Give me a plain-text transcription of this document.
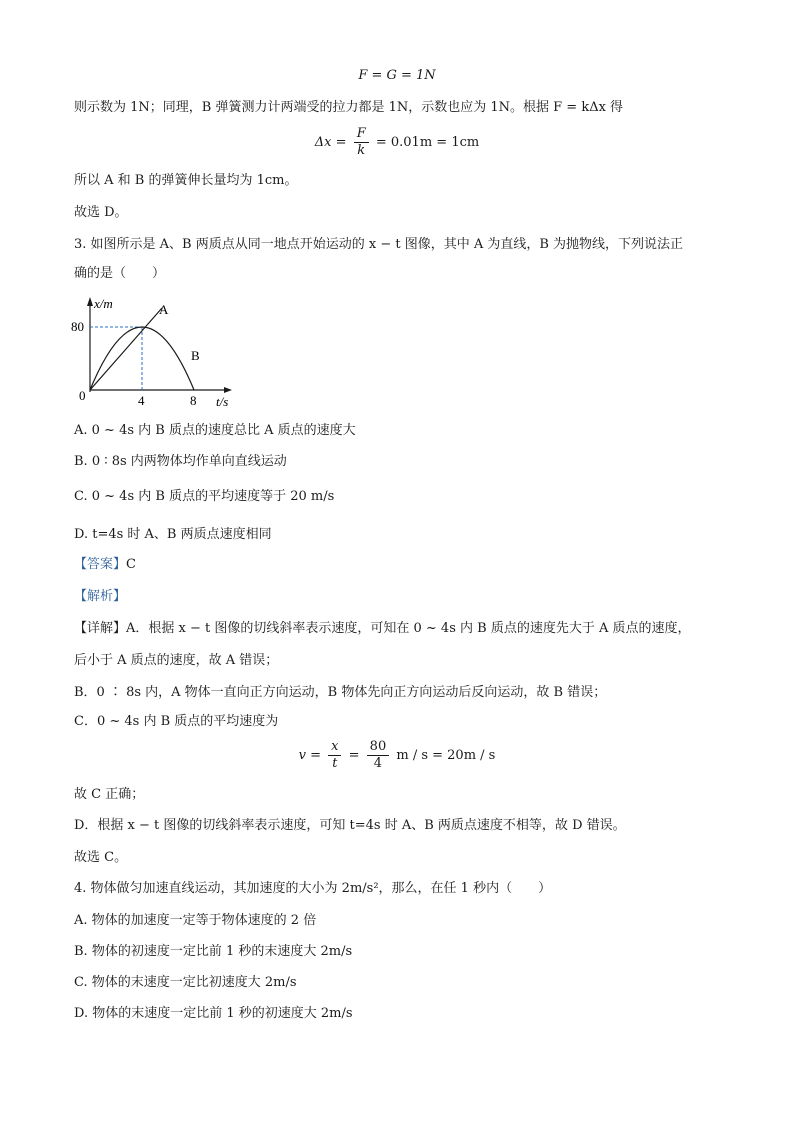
F = G = 1N
则示数为 1N；同理，B 弹簧测力计两端受的拉力都是 1N，示数也应为 1N。根据 F = kΔx 得
$\Delta x = \frac{F}{k} = 0.01m = 1cm$
所以 A 和 B 的弹簧伸长量均为 1cm。
故选 D。
3. 如图所示是 A、B 两质点从同一地点开始运动的 x − t 图像，其中 A 为直线，B 为抛物线，下列说法正
确的是（　　）
x/m
t/s
0
80
4	8
A
B
A. 0 ~ 4s 内 B 质点的速度总比 A 质点的速度大
B. 0 ∶ 8s 内两物体均作单向直线运动
C. 0 ~ 4s 内 B 质点的平均速度等于 20 m/s
D. t=4s 时 A、B 两质点速度相同
【答案】C
【解析】
【详解】A．根据 x − t 图像的切线斜率表示速度，可知在 0 ~ 4s 内 B 质点的速度先大于 A 质点的速度，
后小于 A 质点的速度，故 A 错误；
B．0 ∶ 8s 内，A 物体一直向正方向运动，B 物体先向正方向运动后反向运动，故 B 错误；
C．0 ~ 4s 内 B 质点的平均速度为
$v = \frac{x}{t} = \frac{80}{4}$ m / s = 20m / s
故 C 正确；
D．根据 x − t 图像的切线斜率表示速度，可知 t=4s 时 A、B 两质点速度不相等，故 D 错误。
故选 C。
4. 物体做匀加速直线运动，其加速度的大小为 2m/s²，那么，在任 1 秒内（　　）
A. 物体的加速度一定等于物体速度的 2 倍
B. 物体的初速度一定比前 1 秒的末速度大 2m/s
C. 物体的末速度一定比初速度大 2m/s
D. 物体的末速度一定比前 1 秒的初速度大 2m/s
